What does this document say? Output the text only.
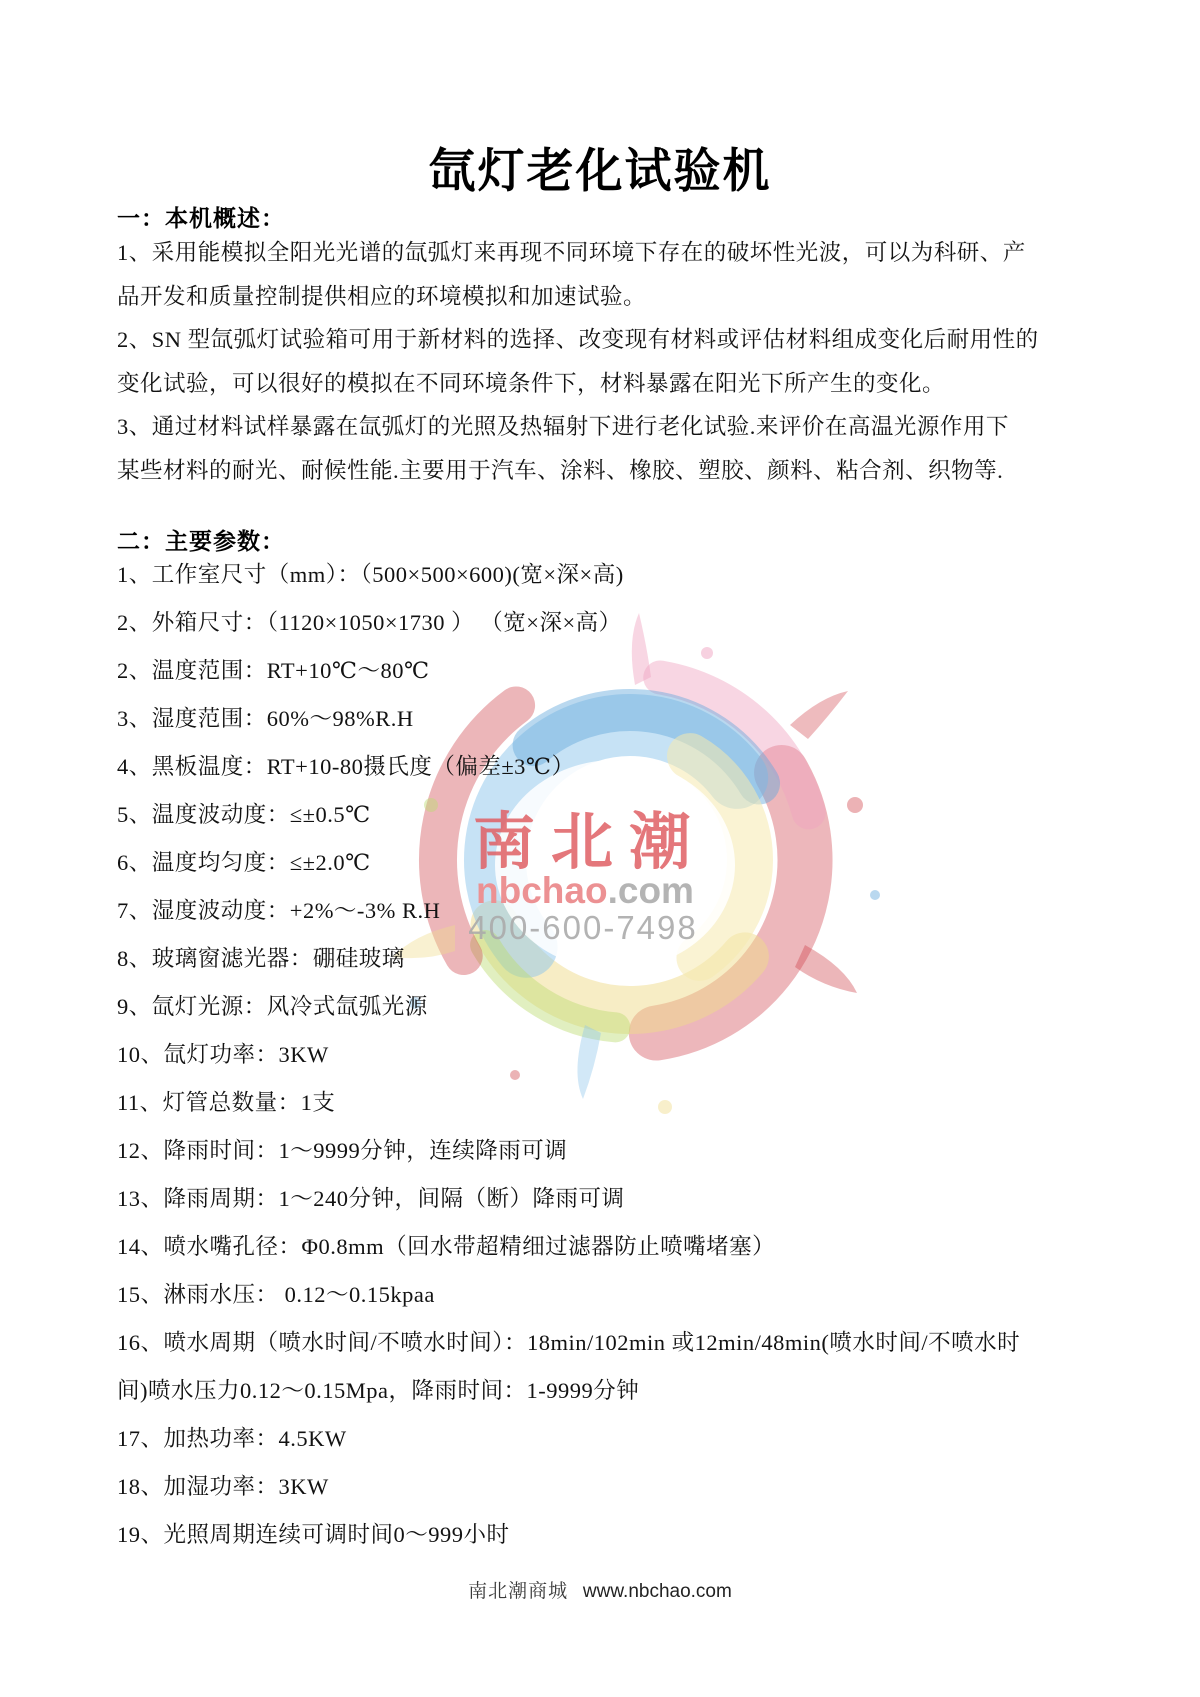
氙灯老化试验机
一：本机概述：
1、采用能模拟全阳光光谱的氙弧灯来再现不同环境下存在的破坏性光波，可以为科研、产
品开发和质量控制提供相应的环境模拟和加速试验。
2、SN 型氙弧灯试验箱可用于新材料的选择、改变现有材料或评估材料组成变化后耐用性的
变化试验，可以很好的模拟在不同环境条件下，材料暴露在阳光下所产生的变化。
3、通过材料试样暴露在氙弧灯的光照及热辐射下进行老化试验.来评价在高温光源作用下
某些材料的耐光、耐候性能.主要用于汽车、涂料、橡胶、塑胶、颜料、粘合剂、织物等.
二：主要参数：
1、工作室尺寸（mm）：（500×500×600)(宽×深×高)
2、外箱尺寸：（1120×1050×1730 ） （宽×深×高）
2、温度范围：RT+10℃～80℃
3、湿度范围：60%～98%R.H
4、黑板温度：RT+10-80摄氏度（偏差±3℃）
5、温度波动度：≤±0.5℃
6、温度均匀度：≤±2.0℃
7、湿度波动度：+2%～-3% R.H
8、玻璃窗滤光器：硼硅玻璃
9、氙灯光源：风冷式氙弧光源
10、氙灯功率：3KW
11、灯管总数量：1支
12、降雨时间：1～9999分钟，连续降雨可调
13、降雨周期：1～240分钟，间隔（断）降雨可调
14、喷水嘴孔径：Φ0.8mm（回水带超精细过滤器防止喷嘴堵塞）
15、淋雨水压： 0.12～0.15kpaa
16、喷水周期（喷水时间/不喷水时间）：18min/102min 或12min/48min(喷水时间/不喷水时
间)喷水压力0.12～0.15Mpa，降雨时间：1-9999分钟
17、加热功率：4.5KW
18、加湿功率：3KW
19、光照周期连续可调时间0～999小时
南北潮
nbchao.com
400-600-7498
南北潮商城 www.nbchao.com
